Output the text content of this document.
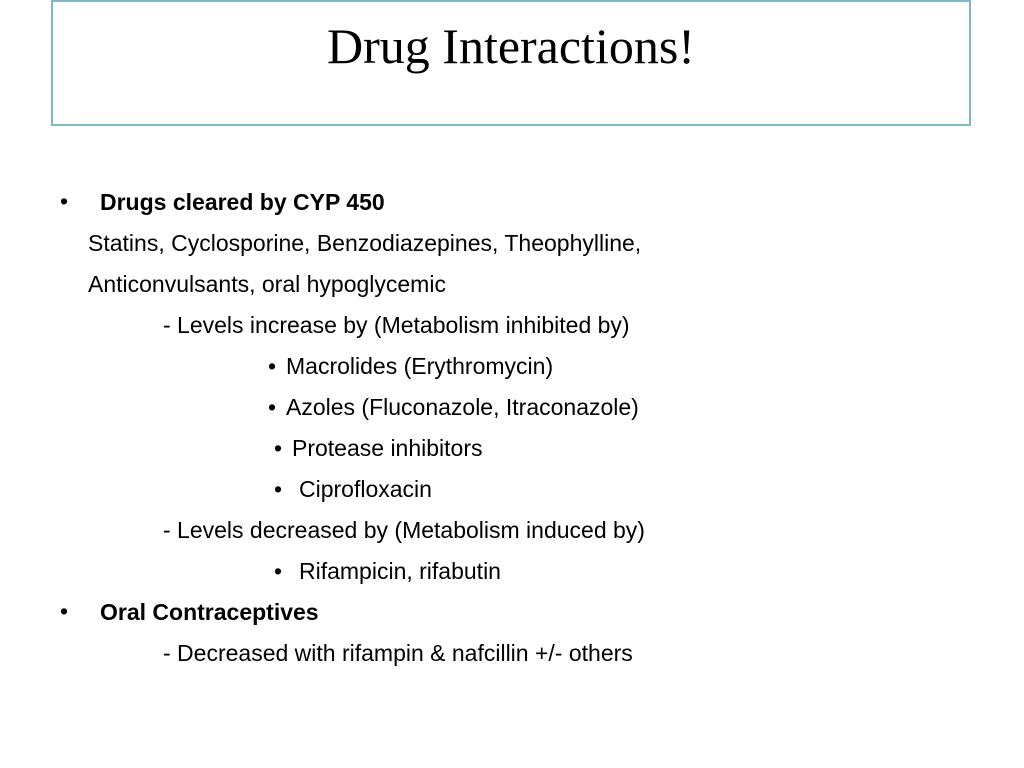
Drug Interactions!
• Drugs cleared by CYP 450
Statins, Cyclosporine, Benzodiazepines, Theophylline,
Anticonvulsants, oral hypoglycemic
- Levels increase by (Metabolism inhibited by)
• Macrolides (Erythromycin)
• Azoles (Fluconazole, Itraconazole)
• Protease inhibitors
• Ciprofloxacin
- Levels decreased by (Metabolism induced by)
• Rifampicin, rifabutin
• Oral Contraceptives
- Decreased with rifampin & nafcillin +/- others
